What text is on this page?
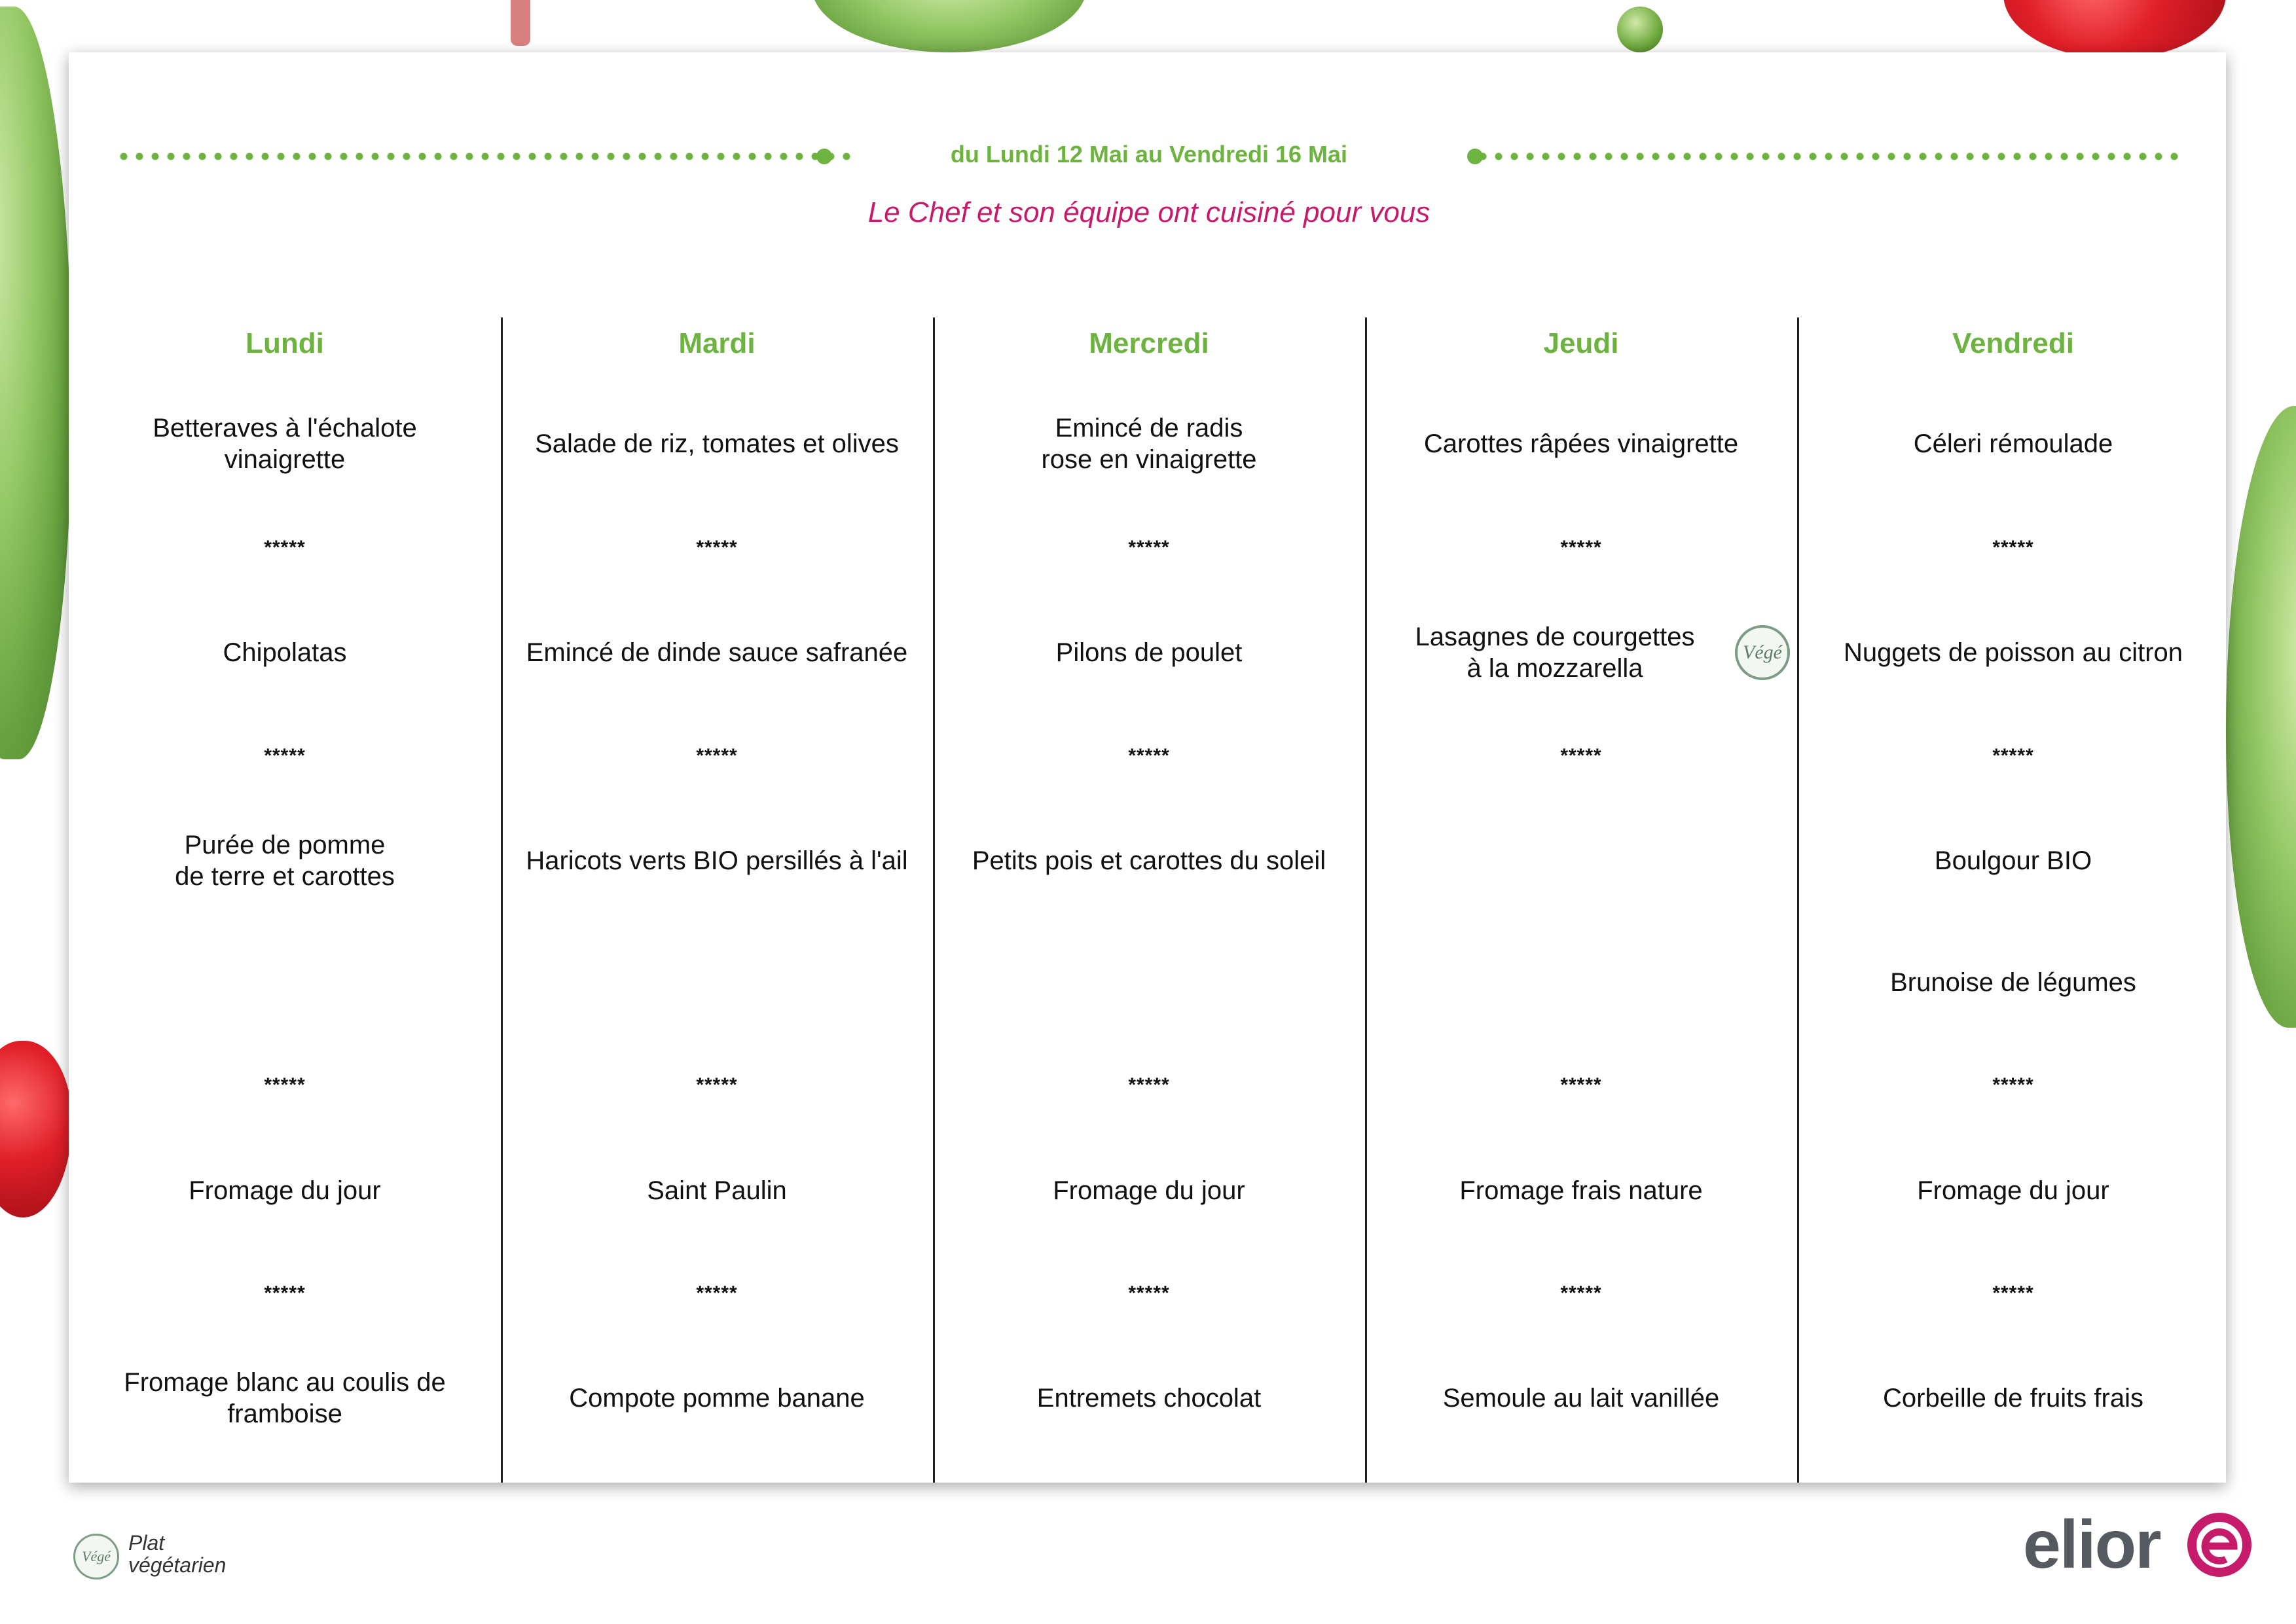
du Lundi 12 Mai au Vendredi 16 Mai
Le Chef et son équipe ont cuisiné pour vous
Lundi
Betteraves à l'échalote
vinaigrette
*****
Chipolatas
*****
Purée de pomme
de terre et carottes
*****
Fromage du jour
*****
Fromage blanc au coulis de
framboise
Mardi
Salade de riz, tomates et olives
*****
Emincé de dinde sauce safranée
*****
Haricots verts BIO persillés à l'ail
*****
Saint Paulin
*****
Compote pomme banane
Mercredi
Emincé de radis
rose en vinaigrette
*****
Pilons de poulet
*****
Petits pois et carottes du soleil
*****
Fromage du jour
*****
Entremets chocolat
Jeudi
Carottes râpées vinaigrette
*****
Lasagnes de courgettes
à la mozzarella
Végé
*****
*****
Fromage frais nature
*****
Semoule au lait vanillée
Vendredi
Céleri rémoulade
*****
Nuggets de poisson au citron
*****
Boulgour BIO
Brunoise de légumes
*****
Fromage du jour
*****
Corbeille de fruits frais
Végé
Plat
végétarien	elior
